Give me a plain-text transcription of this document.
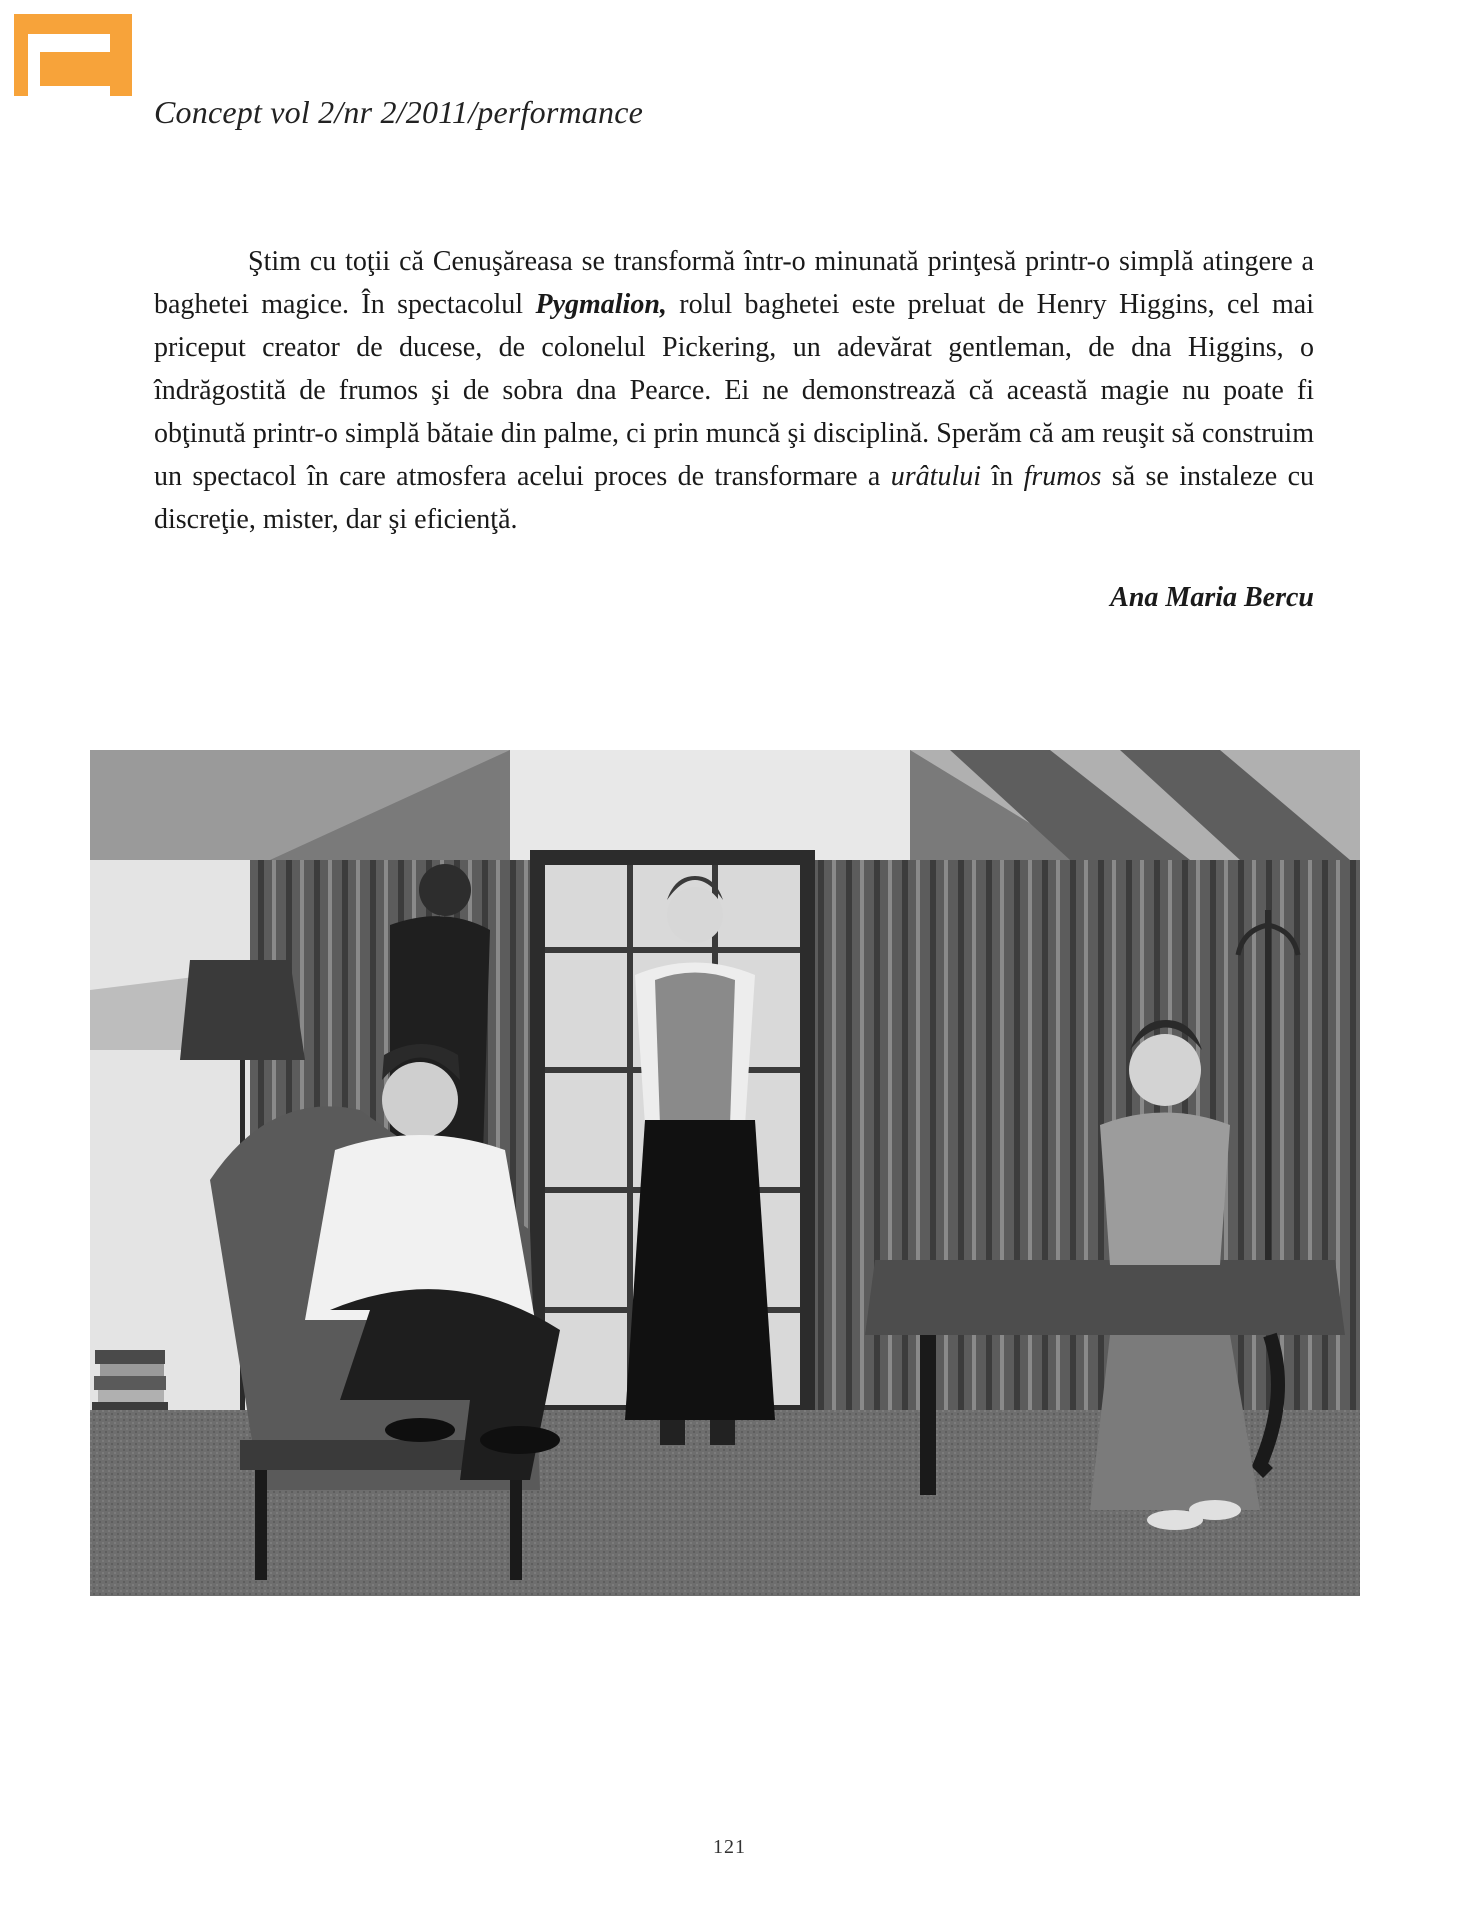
Concept vol 2/nr 2/2011/performance

Ştim cu toţii că Cenuşăreasa se transformă într-o minunată prinţesă printr-o simplă atingere a baghetei magice. În spectacolul Pygmalion, rolul baghetei este preluat de Henry Higgins, cel mai priceput creator de ducese, de colonelul Pickering, un adevărat gentleman, de dna Higgins, o îndrăgostită de frumos şi de sobra dna Pearce. Ei ne demonstrează că această magie nu poate fi obţinută printr-o simplă bătaie din palme, ci prin muncă şi disciplină. Sperăm că am reuşit să construim un spectacol în care atmosfera acelui proces de transformare a urâtului în frumos să se instaleze cu discreţie, mister, dar şi eficienţă.

Ana Maria Bercu
121
